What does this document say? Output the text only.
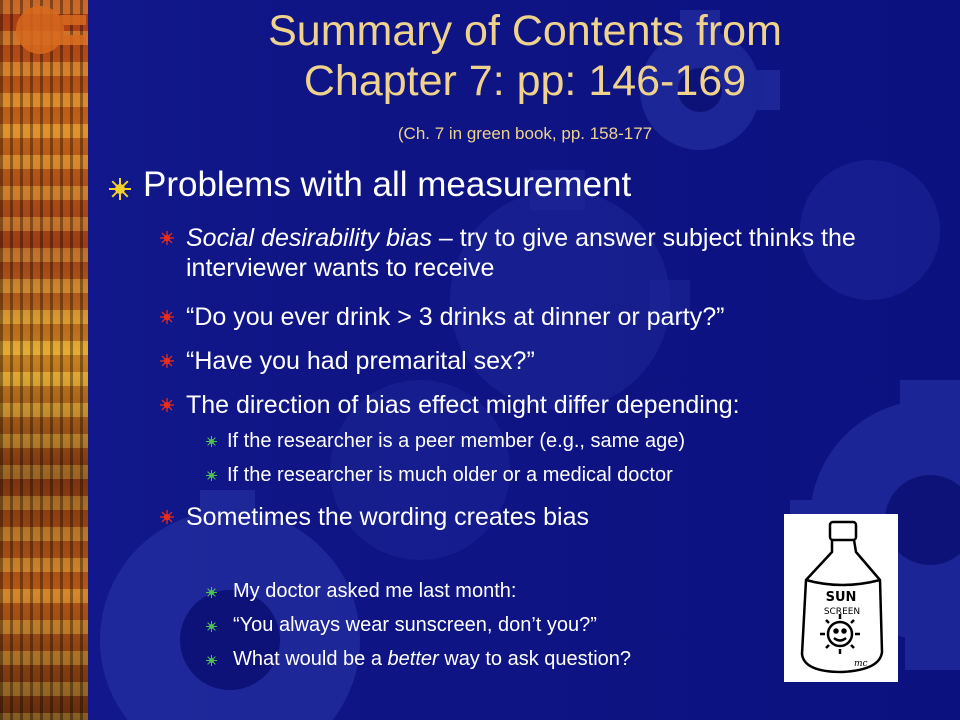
Summary of Contents from
Chapter 7: pp: 146-169
(Ch. 7 in green book, pp. 158-177
Problems with all measurement
Social desirability bias – try to give answer subject thinks the interviewer wants to receive
“Do you ever drink > 3 drinks at dinner or party?”
“Have you had premarital sex?”
The direction of bias effect might differ depending:
If the researcher is a peer member (e.g., same age)
If the researcher is much older or a medical doctor
Sometimes the wording creates bias
My doctor asked me last month:
“You always wear sunscreen, don’t you?”
What would be a better way to ask question?
SUN
SCREEN
mc
